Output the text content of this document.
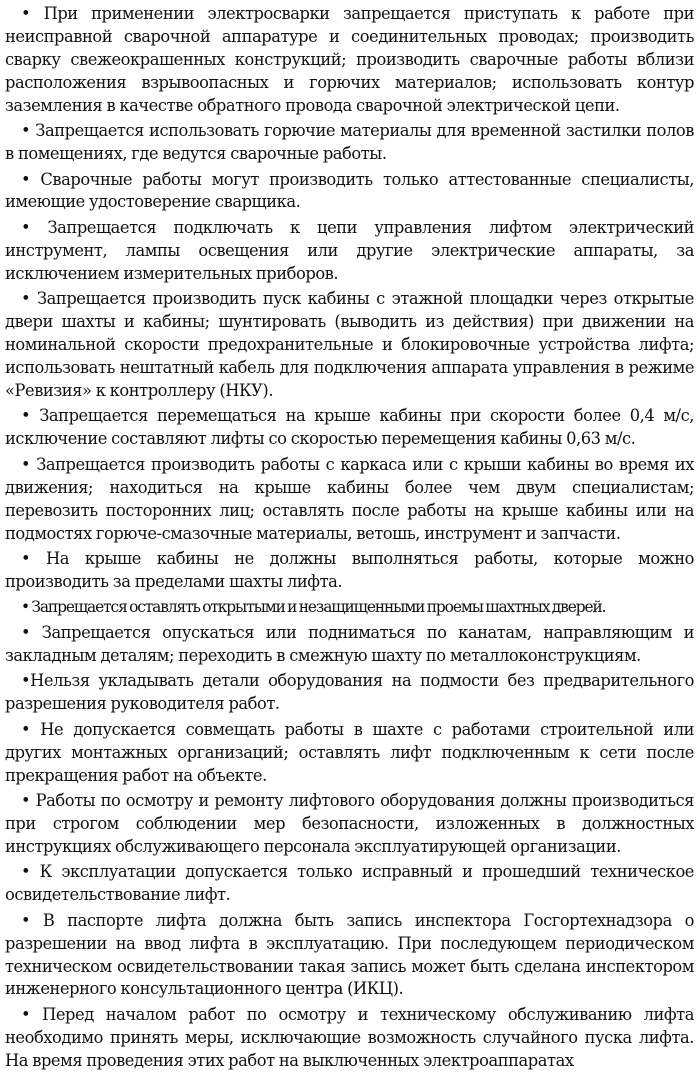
• При применении электросварки запрещается приступать к работе при неисправной сварочной аппаратуре и соединительных проводах; производить сварку свежеокрашенных конструкций; производить сварочные работы вблизи расположения взрывоопасных и горючих материалов; использовать контур заземления в качестве обратного провода сварочной электрической цепи.

• Запрещается использовать горючие материалы для временной застилки полов в помещениях, где ведутся сварочные работы.

• Сварочные работы могут производить только аттестованные специалисты, имеющие удостоверение сварщика.

• Запрещается подключать к цепи управления лифтом электрический инструмент, лампы освещения или другие электрические аппараты, за исключением измерительных приборов.

• Запрещается производить пуск кабины с этажной площадки через открытые двери шахты и кабины; шунтировать (выводить из действия) при движении на номинальной скорости предохранительные и блокировочные устройства лифта; использовать нештатный кабель для подключения аппарата управления в режиме «Ревизия» к контроллеру (НКУ).

• Запрещается перемещаться на крыше кабины при скорости более 0,4 м/с, исключение составляют лифты со скоростью перемещения кабины 0,63 м/с.

• Запрещается производить работы с каркаса или с крыши кабины во время их движения; находиться на крыше кабины более чем двум специалистам; перевозить посторонних лиц; оставлять после работы на крыше кабины или на подмостях горюче-смазочные материалы, ветошь, инструмент и запчасти.

• На крыше кабины не должны выполняться работы, которые можно производить за пределами шахты лифта.

• Запрещается оставлять открытыми и незащищенными проемы шахтных дверей.

• Запрещается опускаться или подниматься по канатам, направляющим и закладным деталям; переходить в смежную шахту по металлоконструкциям.

•Нельзя укладывать детали оборудования на подмости без предварительного разрешения руководителя работ.

• Не допускается совмещать работы в шахте с работами строительной или других монтажных организаций; оставлять лифт подключенным к сети после прекращения работ на объекте.

• Работы по осмотру и ремонту лифтового оборудования должны производиться при строгом соблюдении мер безопасности, изложенных в должностных инструкциях обслуживающего персонала эксплуатирующей организации.

• К эксплуатации допускается только исправный и прошедший техническое освидетельствование лифт.

• В паспорте лифта должна быть запись инспектора Госгортехнадзора о разрешении на ввод лифта в эксплуатацию. При последующем периодическом техническом освидетельствовании такая запись может быть сделана инспектором инженерного консультационного центра (ИКЦ).

• Перед началом работ по осмотру и техническому обслуживанию лифта необходимо принять меры, исключающие возможность случайного пуска лифта. На время проведения этих работ на выключенных электроаппаратах
